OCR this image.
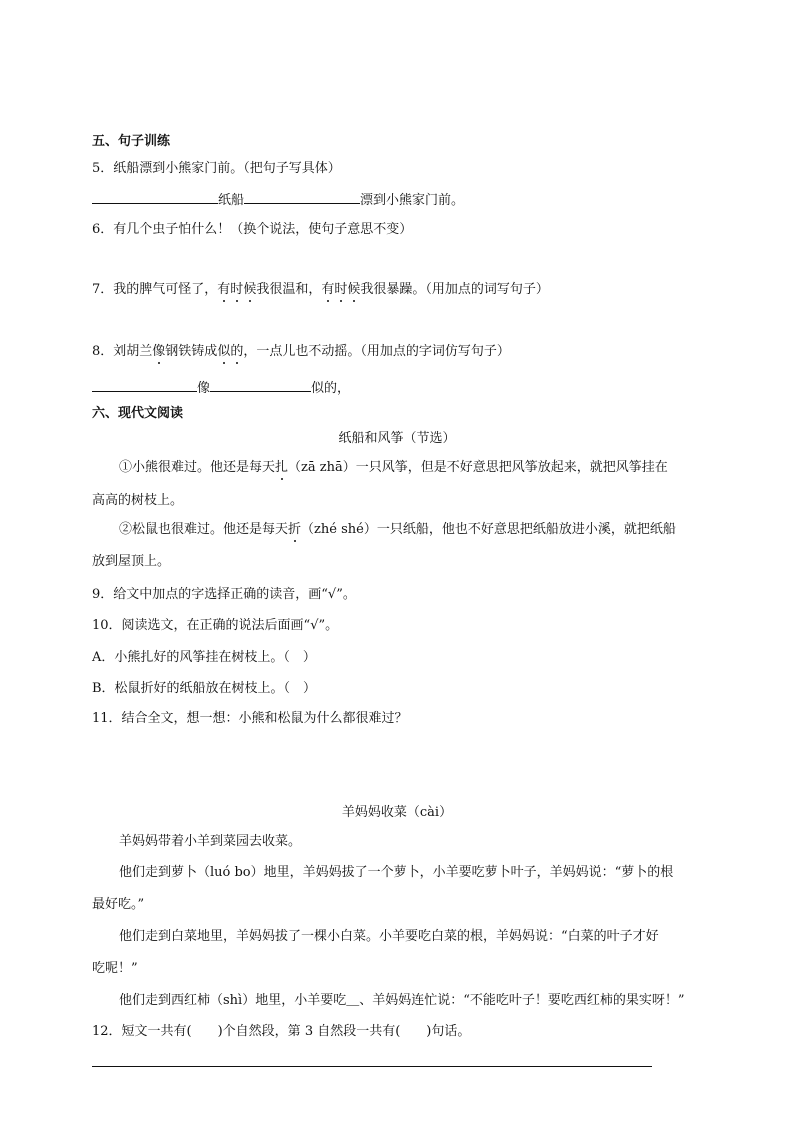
五、句子训练
5．纸船漂到小熊家门前。（把句子写具体）
纸船	漂到小熊家门前。
6．有几个虫子怕什么！（换个说法，使句子意思不变）
7．我的脾气可怪了，有时候我很温和，有时候我很暴躁。（用加点的词写句子）
8．刘胡兰像钢铁铸成似的，一点儿也不动摇。（用加点的字词仿写句子）
像	似的，
六、现代文阅读
纸船和风筝（节选）
①小熊很难过。他还是每天扎（zā zhā）一只风筝，但是不好意思把风筝放起来，就把风筝挂在
高高的树枝上。
②松鼠也很难过。他还是每天折（zhé shé）一只纸船，他也不好意思把纸船放进小溪，就把纸船
放到屋顶上。
9．给文中加点的字选择正确的读音，画“√”。
10．阅读选文，在正确的说法后面画“√”。
A．小熊扎好的风筝挂在树枝上。（　）
B．松鼠折好的纸船放在树枝上。（　）
11．结合全文，想一想：小熊和松鼠为什么都很难过？
羊妈妈收菜（cài）
羊妈妈带着小羊到菜园去收菜。
他们走到萝卜（luó bo）地里，羊妈妈拔了一个萝卜，小羊要吃萝卜叶子，羊妈妈说：“萝卜的根
最好吃。”
他们走到白菜地里，羊妈妈拔了一棵小白菜。小羊要吃白菜的根，羊妈妈说：“白菜的叶子才好
吃呢！”
他们走到西红柿（shì）地里，小羊要吃＿、羊妈妈连忙说：“不能吃叶子！要吃西红柿的果实呀！”
12．短文一共有(　　)个自然段，第 3 自然段一共有(　　)句话。
